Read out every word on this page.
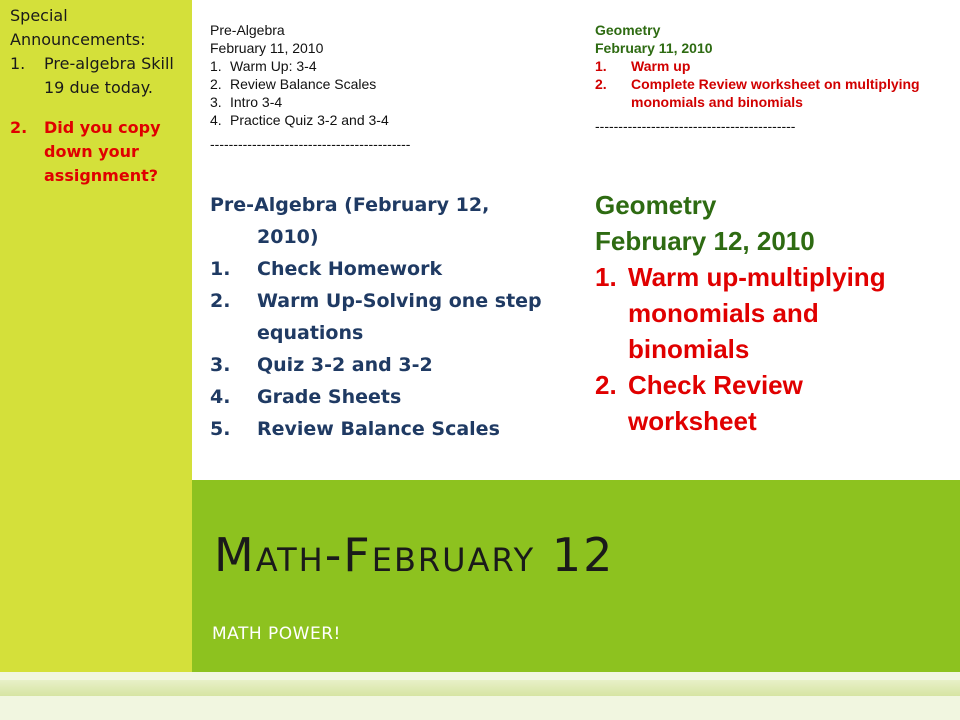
Special Announcements:
1. Pre-algebra Skill 19 due today.
2. Did you copy down your assignment?
Pre-Algebra
February 11, 2010
1. Warm Up: 3-4
2. Review Balance Scales
3. Intro 3-4
4. Practice Quiz 3-2 and 3-4
-------------------------------------------
Geometry
February 11, 2010
1. Warm up
2. Complete Review worksheet on multiplying monomials and binomials
-------------------------------------------
Pre-Algebra (February 12, 2010)
1. Check Homework
2. Warm Up-Solving one step equations
3. Quiz 3-2 and 3-2
4. Grade Sheets
5. Review Balance Scales
Geometry
February 12, 2010
1. Warm up-multiplying monomials and binomials
2. Check Review worksheet
Math-February 12
MATH POWER!
